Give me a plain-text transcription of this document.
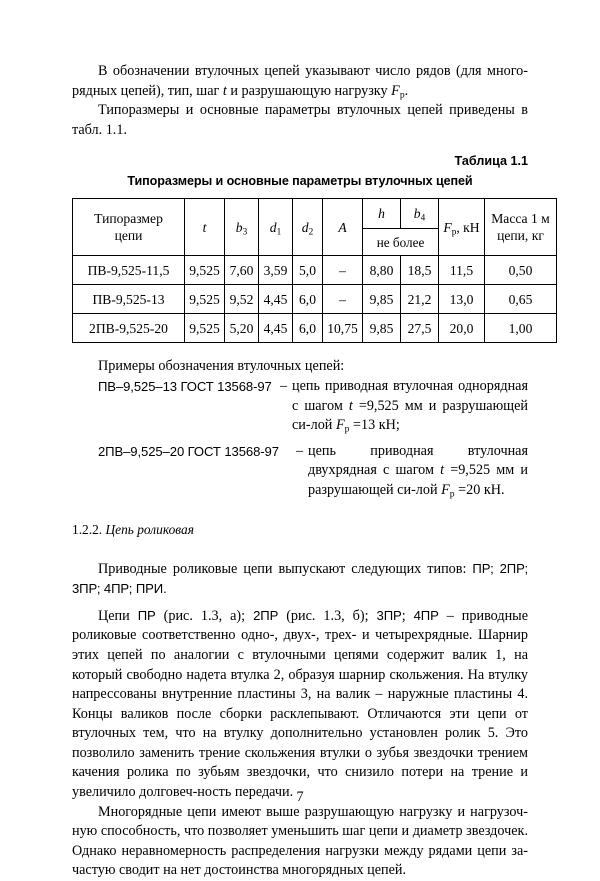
В обозначении втулочных цепей указывают число рядов (для много-рядных цепей), тип, шаг t и разрушающую нагрузку $F_р$.

Типоразмеры и основные параметры втулочных цепей приведены в табл. 1.1.

Таблица 1.1

Типоразмеры и основные параметры втулочных цепей

Типоразмер
цепи	t	$b_3$	$d_1$	$d_2$	A	h	$b_4$	$F_р$, кН	Масса 1 м
цепи, кг
						не более			
ПВ-9,525-11,5	9,525	7,60	3,59	5,0	–	8,80	18,5	11,5	0,50
ПВ-9,525-13	9,525	9,52	4,45	6,0	–	9,85	21,2	13,0	0,65
2ПВ-9,525-20	9,525	5,20	4,45	6,0	10,75	9,85	27,5	20,0	1,00

Примеры обозначения втулочных цепей:

ПВ–9,525–13 ГОСТ 13568-97 – цепь приводная втулочная однорядная с шагом t =9,525 мм и разрушающей си-лой $F_р =13$ кН;
2ПВ–9,525–20 ГОСТ 13568-97	– цепь приводная втулочная двухрядная с шагом t =9,525 мм и разрушающей си-лой $F_р =20$ кН.
1.2.2. Цепь роликовая

Приводные роликовые цепи выпускают следующих типов: ПР; 2ПР; 3ПР; 4ПР; ПРИ.

Цепи ПР (рис. 1.3, а); 2ПР (рис. 1.3, б); 3ПР; 4ПР – приводные роликовые соответственно одно-, двух-, трех- и четырехрядные. Шарнир этих цепей по аналогии с втулочными цепями содержит валик 1, на который свободно надета втулка 2, образуя шарнир скольжения. На втулку напрессованы внутренние пластины 3, на валик – наружные пластины 4. Концы валиков после сборки расклепывают. Отличаются эти цепи от втулочных тем, что на втулку дополнительно установлен ролик 5. Это позволило заменить трение скольжения втулки о зубья звездочки трением качения ролика по зубьям звездочки, что снизило потери на трение и увеличило долговеч-ность передачи.

Многорядные цепи имеют выше разрушающую нагрузку и нагрузоч-ную способность, что позволяет уменьшить шаг цепи и диаметр звездочек. Однако неравномерность распределения нагрузки между рядами цепи за-частую сводит на нет достоинства многорядных цепей.

7
